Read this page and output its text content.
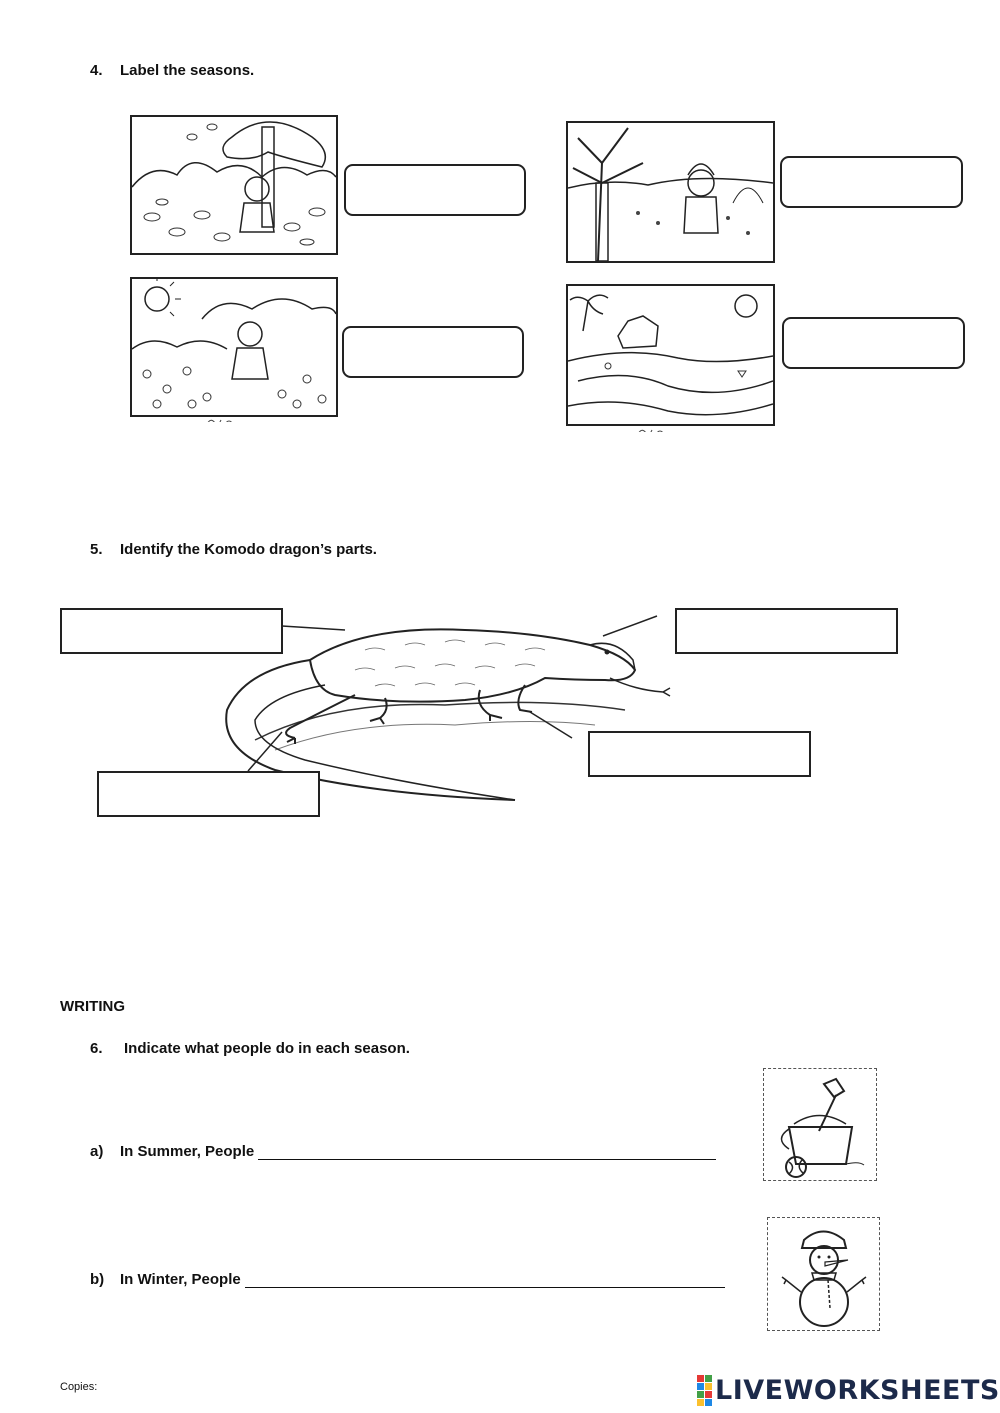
4. Label the seasons.
5. Identify the Komodo dragon’s parts.
WRITING
6. Indicate what people do in each season.
a) In Summer, People
b) In Winter, People
Copies:	LIVEWORKSHEETS
